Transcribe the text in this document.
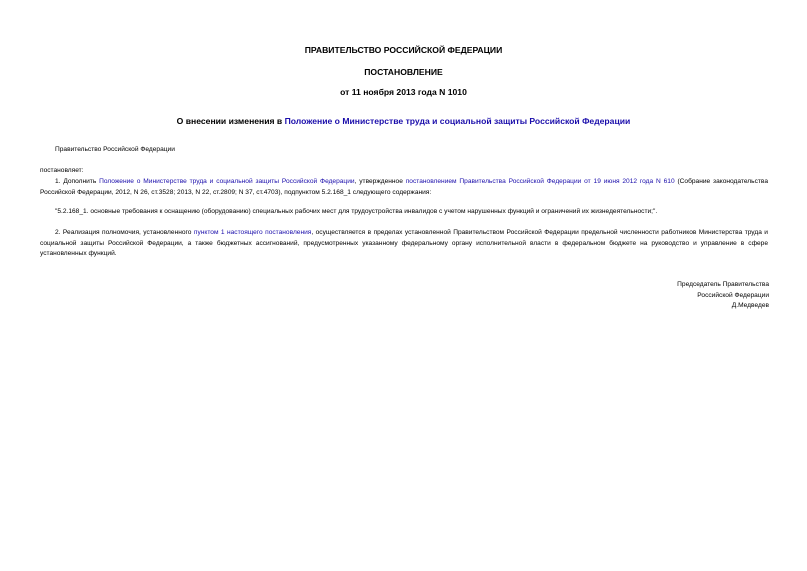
ПРАВИТЕЛЬСТВО РОССИЙСКОЙ ФЕДЕРАЦИИ
ПОСТАНОВЛЕНИЕ
от 11 ноября 2013 года N 1010
О внесении изменения в Положение о Министерстве труда и социальной защиты Российской Федерации
Правительство Российской Федерации
постановляет:
1. Дополнить Положение о Министерстве труда и социальной защиты Российской Федерации, утвержденное постановлением Правительства Российской Федерации от 19 июня 2012 года N 610 (Собрание законодательства Российской Федерации, 2012, N 26, ст.3528; 2013, N 22, ст.2809; N 37, ст.4703), подпунктом 5.2.168_1 следующего содержания:
"5.2.168_1. основные требования к оснащению (оборудованию) специальных рабочих мест для трудоустройства инвалидов с учетом нарушенных функций и ограничений их жизнедеятельности;".
2. Реализация полномочия, установленного пунктом 1 настоящего постановления, осуществляется в пределах установленной Правительством Российской Федерации предельной численности работников Министерства труда и социальной защиты Российской Федерации, а также бюджетных ассигнований, предусмотренных указанному федеральному органу исполнительной власти в федеральном бюджете на руководство и управление в сфере установленных функций.
Председатель Правительства
Российской Федерации
Д.Медведев
